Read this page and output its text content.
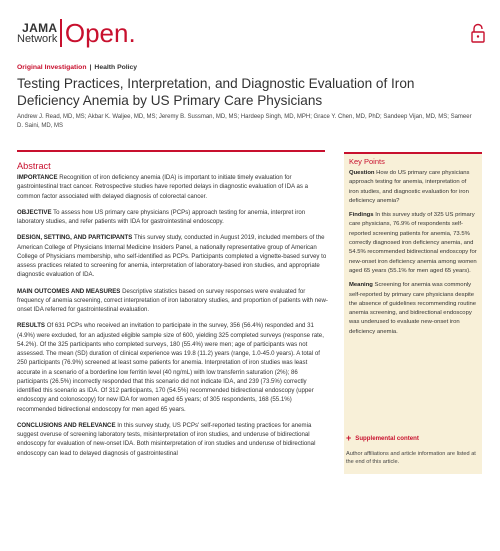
JAMA
Network Open.
Original Investigation | Health Policy
Testing Practices, Interpretation, and Diagnostic Evaluation of Iron Deficiency Anemia by US Primary Care Physicians

Andrew J. Read, MD, MS; Akbar K. Waljee, MD, MS; Jeremy B. Sussman, MD, MS; Hardeep Singh, MD, MPH; Grace Y. Chen, MD, PhD; Sandeep Vijan, MD, MS; Sameer D. Saini, MD, MS

Abstract

IMPORTANCE Recognition of iron deficiency anemia (IDA) is important to initiate timely evaluation for gastrointestinal tract cancer. Retrospective studies have reported delays in diagnostic evaluation of IDA as a common factor associated with delayed diagnosis of colorectal cancer.

OBJECTIVE To assess how US primary care physicians (PCPs) approach testing for anemia, interpret iron laboratory studies, and refer patients with IDA for gastrointestinal endoscopy.

DESIGN, SETTING, AND PARTICIPANTS This survey study, conducted in August 2019, included members of the American College of Physicians Internal Medicine Insiders Panel, a nationally representative group of American College of Physicians membership, who self-identified as PCPs. Participants completed a vignette-based survey to assess practices related to screening for anemia, interpretation of laboratory-based iron studies, and appropriate diagnostic evaluation of IDA.

MAIN OUTCOMES AND MEASURES Descriptive statistics based on survey responses were evaluated for frequency of anemia screening, correct interpretation of iron laboratory studies, and proportion of patients with new-onset IDA referred for gastrointestinal evaluation.

RESULTS Of 631 PCPs who received an invitation to participate in the survey, 356 (56.4%) responded and 31 (4.9%) were excluded, for an adjusted eligible sample size of 600, yielding 325 completed surveys (response rate, 54.2%). Of the 325 participants who completed surveys, 180 (55.4%) were men; age of participants was not assessed. The mean (SD) duration of clinical experience was 19.8 (11.2) years (range, 1.0-45.0 years). A total of 250 participants (76.9%) screened at least some patients for anemia. Interpretation of iron studies was least accurate in a scenario of a borderline low ferritin level (40 ng/mL) with low transferrin saturation (2%); 86 participants (26.5%) incorrectly responded that this scenario did not indicate IDA, and 239 (73.5%) correctly identified this scenario as IDA. Of 312 participants, 170 (54.5%) recommended bidirectional endoscopy (upper endoscopy and colonoscopy) for new IDA for women aged 65 years; of 305 respondents, 168 (55.1%) recommended bidirectional endoscopy for men aged 65 years.

CONCLUSIONS AND RELEVANCE In this survey study, US PCPs' self-reported testing practices for anemia suggest overuse of screening laboratory tests, misinterpretation of iron studies, and underuse of bidirectional endoscopy for evaluation of new-onset IDA. Both misinterpretation of iron studies and underuse of bidirectional endoscopy can lead to delayed diagnosis of gastrointestinal

Key Points

Question How do US primary care physicians approach testing for anemia, interpretation of iron studies, and diagnostic evaluation for iron deficiency anemia?

Findings In this survey study of 325 US primary care physicians, 76.9% of respondents self-reported screening patients for anemia, 73.5% correctly diagnosed iron deficiency anemia, and 54.5% recommended bidirectional endoscopy for new-onset iron deficiency anemia among women aged 65 years (55.1% for men aged 65 years).

Meaning Screening for anemia was commonly self-reported by primary care physicians despite the absence of guidelines recommending routine anemia screening, and bidirectional endoscopy was underused to evaluate new-onset iron deficiency anemia.

+ Supplemental content
Author affiliations and article information are listed at the end of this article.
